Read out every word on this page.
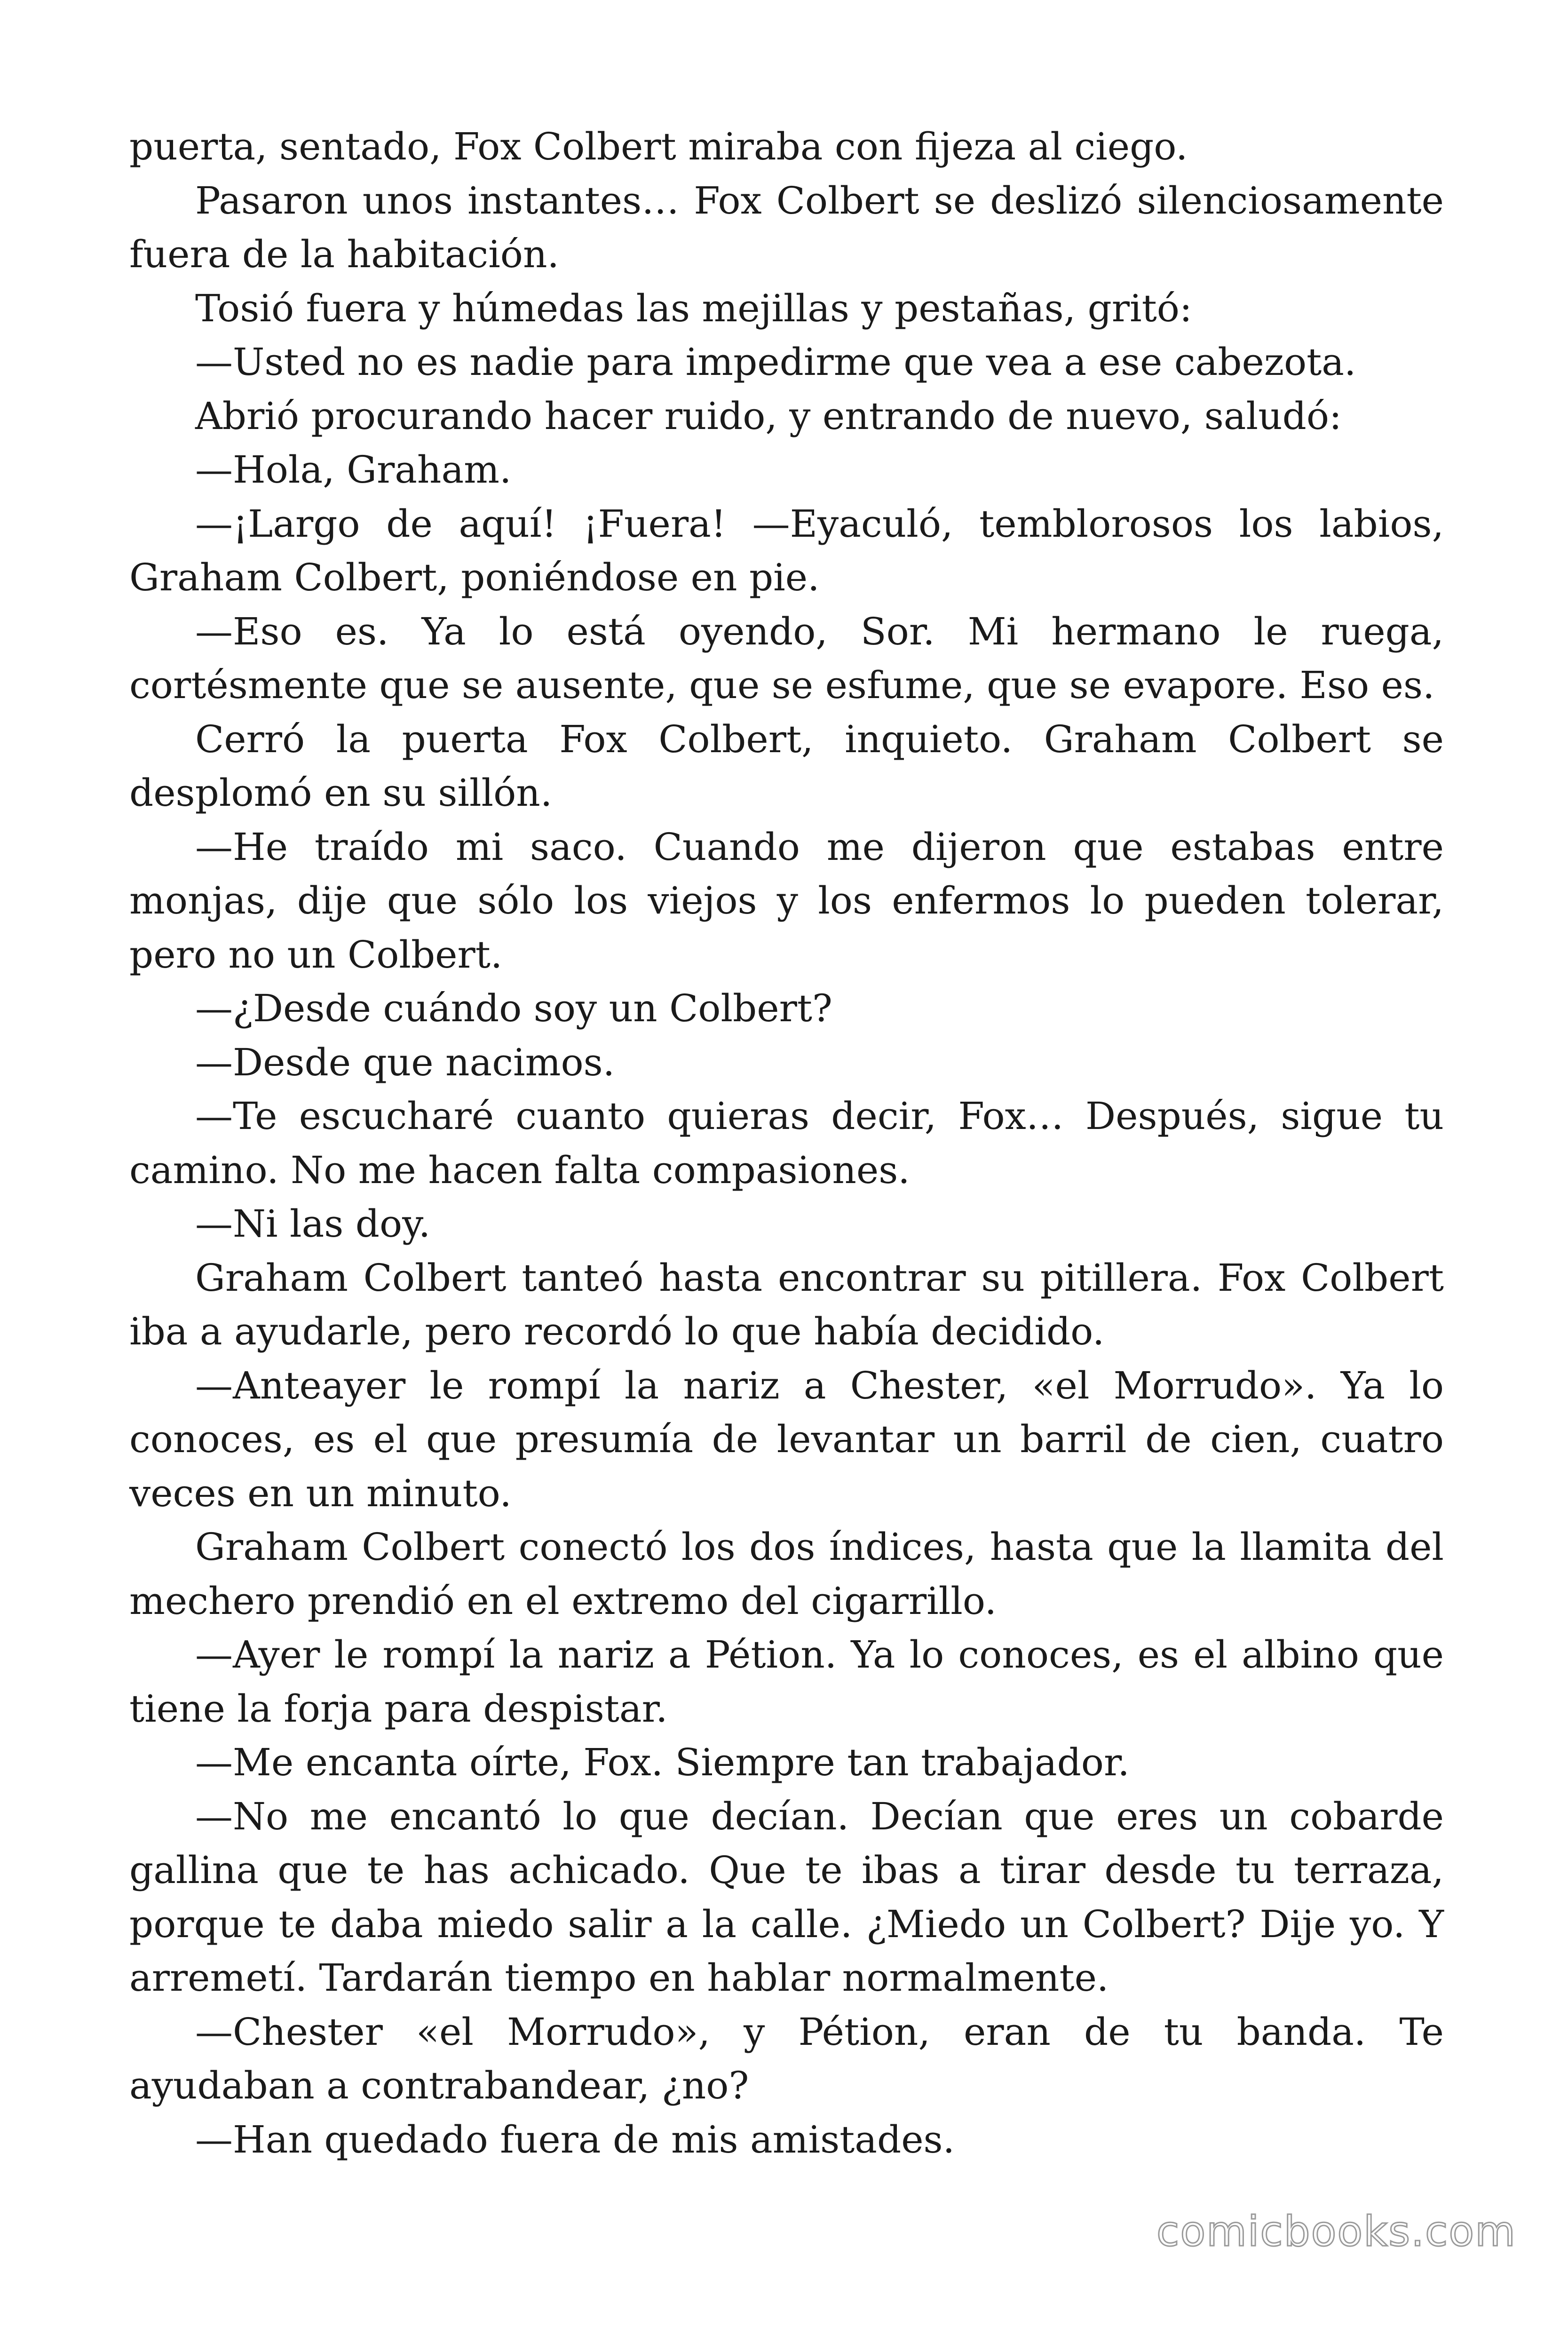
puerta, sentado, Fox Colbert miraba con fijeza al ciego.

Pasaron unos instantes… Fox Colbert se deslizó silenciosamente fuera de la habitación.

Tosió fuera y húmedas las mejillas y pestañas, gritó:

—Usted no es nadie para impedirme que vea a ese cabezota.

Abrió procurando hacer ruido, y entrando de nuevo, saludó:

—Hola, Graham.

—¡Largo de aquí! ¡Fuera! —Eyaculó, temblorosos los labios, Graham Colbert, poniéndose en pie.

—Eso es. Ya lo está oyendo, Sor. Mi hermano le ruega, cortésmente que se ausente, que se esfume, que se evapore. Eso es.

Cerró la puerta Fox Colbert, inquieto. Graham Colbert se desplomó en su sillón.

—He traído mi saco. Cuando me dijeron que estabas entre monjas, dije que sólo los viejos y los enfermos lo pueden tolerar, pero no un Colbert.

—¿Desde cuándo soy un Colbert?

—Desde que nacimos.

—Te escucharé cuanto quieras decir, Fox… Después, sigue tu camino. No me hacen falta compasiones.

—Ni las doy.

Graham Colbert tanteó hasta encontrar su pitillera. Fox Colbert iba a ayudarle, pero recordó lo que había decidido.

—Anteayer le rompí la nariz a Chester, «el Morrudo». Ya lo conoces, es el que presumía de levantar un barril de cien, cuatro veces en un minuto.

Graham Colbert conectó los dos índices, hasta que la llamita del mechero prendió en el extremo del cigarrillo.

—Ayer le rompí la nariz a Pétion. Ya lo conoces, es el albino que tiene la forja para despistar.

—Me encanta oírte, Fox. Siempre tan trabajador.

—No me encantó lo que decían. Decían que eres un cobarde gallina que te has achicado. Que te ibas a tirar desde tu terraza, porque te daba miedo salir a la calle. ¿Miedo un Colbert? Dije yo. Y arremetí. Tardarán tiempo en hablar normalmente.

—Chester «el Morrudo», y Pétion, eran de tu banda. Te ayudaban a contrabandear, ¿no?

—Han quedado fuera de mis amistades.

comicbooks.com
